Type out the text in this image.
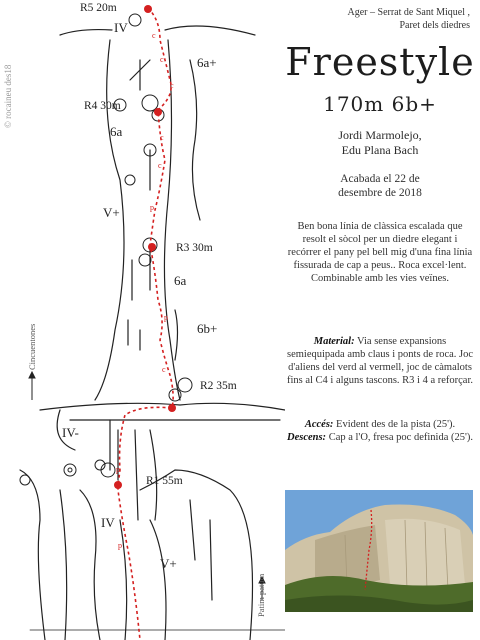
c
c
c
c
c
p
p
c
p
p
R5 20m
R4 30m
R3 30m
R2 35m
R1 55m
IV
6a+
6a
V+
6a
6b+
IV-
IV
V+
© rocaineu des18
Cincuentones
Patim patum
Ager – Serrat de Sant Miquel ,
Paret dels diedres
Freestyle
170m 6b+
Jordi Marmolejo,
Edu Plana Bach
Acabada el 22 de
desembre de 2018
Ben bona línia de clàssica escalada que resolt el sòcol per un diedre elegant i recórrer el pany pel bell mig d'una fina línia fissurada de cap a peus.. Roca excel·lent. Combinable amb les vies veïnes.
Material: Via sense expansions semiequipada amb claus i ponts de roca. Joc d'aliens del verd al vermell, joc de càmalots fins al C4 i alguns tascons. R3 i 4 a reforçar.
Accés: Evident des de la pista (25'). Descens: Cap a l'O, fresa poc definida (25').
